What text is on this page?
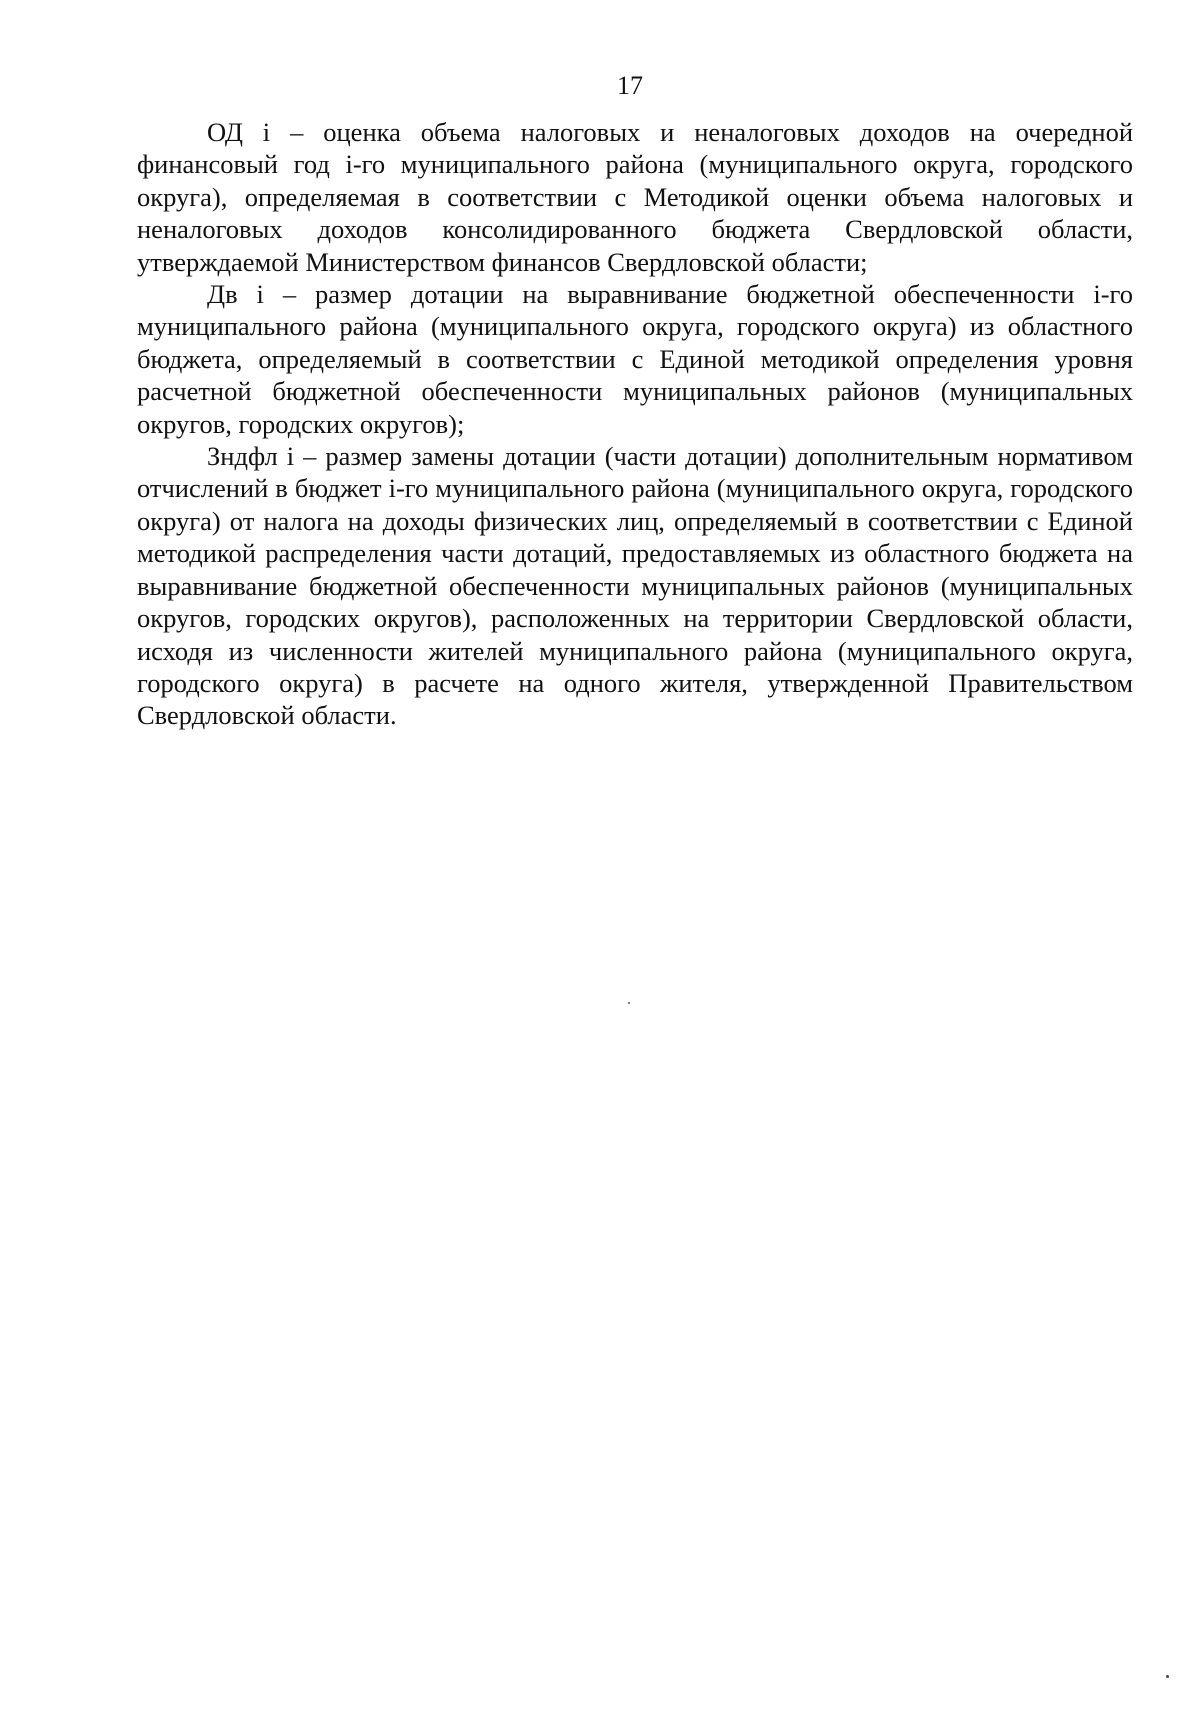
17

ОД i – оценка объема налоговых и неналоговых доходов на очередной финансовый год i-го муниципального района (муниципального округа, городского округа), определяемая в соответствии с Методикой оценки объема налоговых и неналоговых доходов консолидированного бюджета Свердловской области, утверждаемой Министерством финансов Свердловской области;

Дв i – размер дотации на выравнивание бюджетной обеспеченности i-го муниципального района (муниципального округа, городского округа) из областного бюджета, определяемый в соответствии с Единой методикой определения уровня расчетной бюджетной обеспеченности муниципальных районов (муниципальных округов, городских округов);

Зндфл i – размер замены дотации (части дотации) дополнительным нормативом отчислений в бюджет i-го муниципального района (муниципального округа, городского округа) от налога на доходы физических лиц, определяемый в соответствии с Единой методикой распределения части дотаций, предоставляемых из областного бюджета на выравнивание бюджетной обеспеченности муниципальных районов (муниципальных округов, городских округов), расположенных на территории Свердловской области, исходя из численности жителей муниципального района (муниципального округа, городского округа) в расчете на одного жителя, утвержденной Правительством Свердловской области.
